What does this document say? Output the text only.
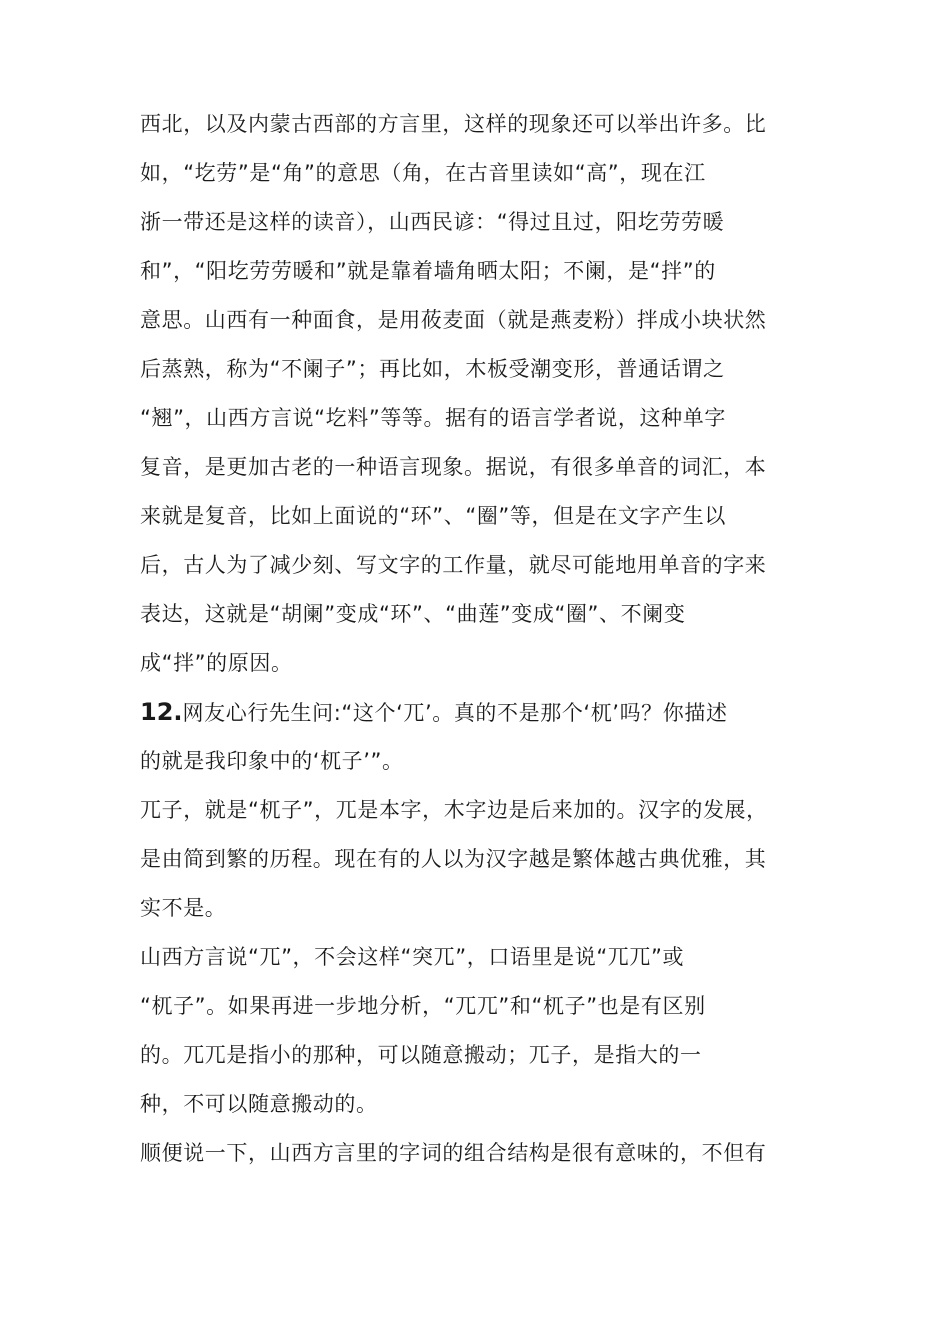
西北，以及内蒙古西部的方言里，这样的现象还可以举出许多。比
如，“圪劳”是“角”的意思（角，在古音里读如“高”，现在江
浙一带还是这样的读音），山西民谚：“得过且过，阳圪劳劳暖
和”，“阳圪劳劳暖和”就是靠着墙角晒太阳；不阑，是“拌”的
意思。山西有一种面食，是用莜麦面（就是燕麦粉）拌成小块状然
后蒸熟，称为“不阑子”；再比如，木板受潮变形，普通话谓之
“翘”，山西方言说“圪料”等等。据有的语言学者说，这种单字
复音，是更加古老的一种语言现象。据说，有很多单音的词汇，本
来就是复音，比如上面说的“环”、“圈”等，但是在文字产生以
后，古人为了减少刻、写文字的工作量，就尽可能地用单音的字来
表达，这就是“胡阑”变成“环”、“曲莲”变成“圈”、不阑变
成“拌”的原因。
12.网友心行先生问:“这个‘兀’。真的不是那个‘杌’吗？你描述
的就是我印象中的‘杌子’”。
兀子，就是“杌子”，兀是本字，木字边是后来加的。汉字的发展，
是由简到繁的历程。现在有的人以为汉字越是繁体越古典优雅，其
实不是。
山西方言说“兀”，不会这样“突兀”，口语里是说“兀兀”或
“杌子”。如果再进一步地分析，“兀兀”和“杌子”也是有区别
的。兀兀是指小的那种，可以随意搬动；兀子，是指大的一
种，不可以随意搬动的。
顺便说一下，山西方言里的字词的组合结构是很有意味的，不但有
